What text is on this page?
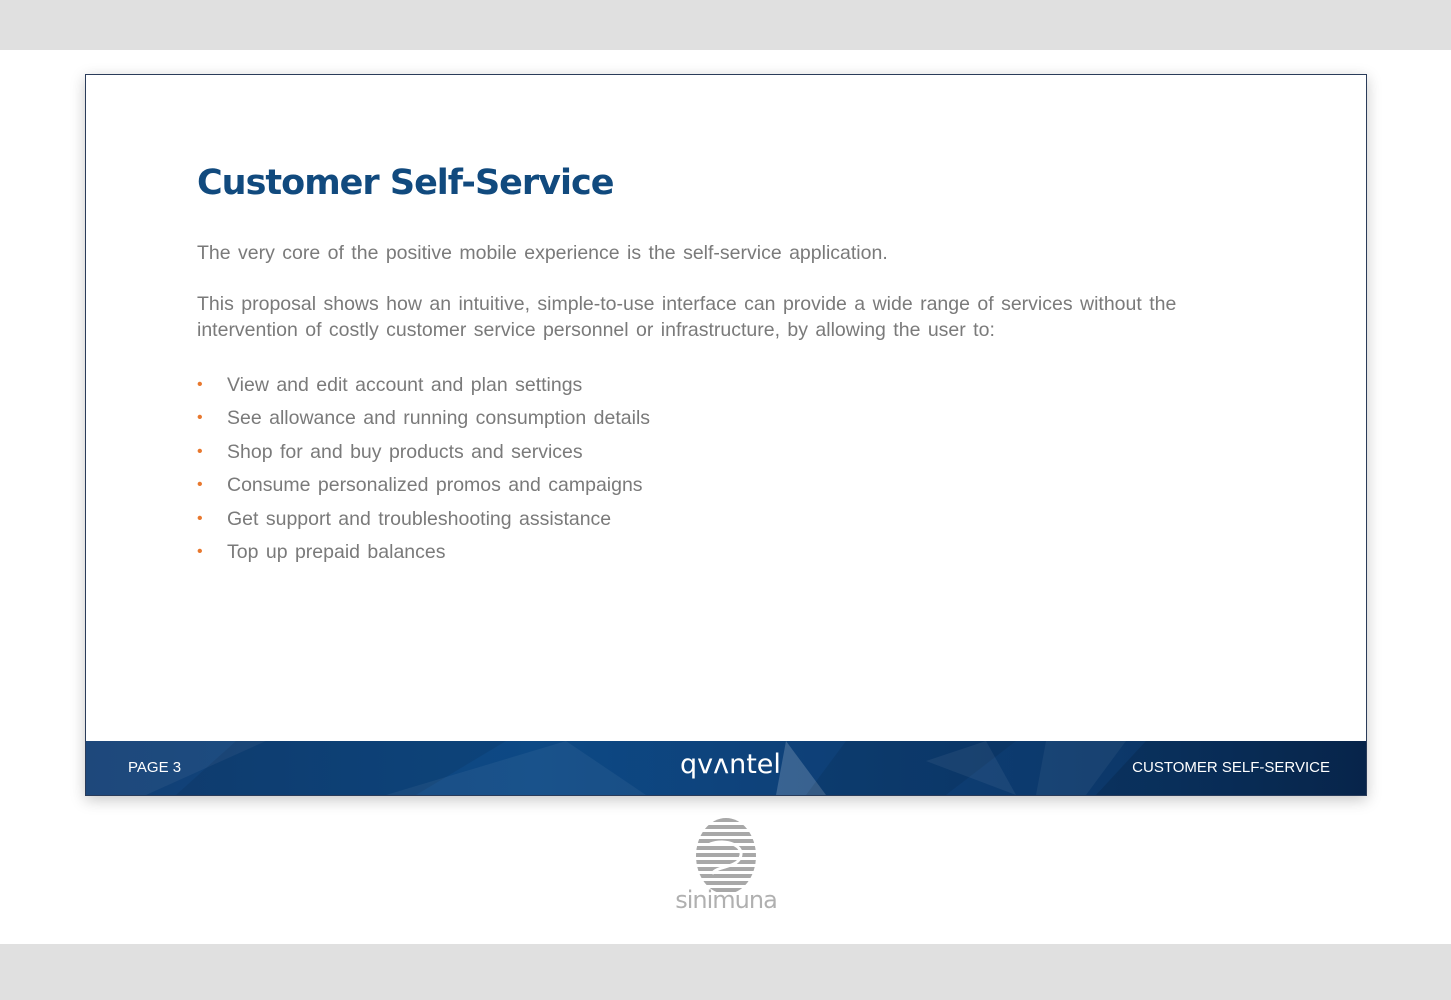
Customer Self-Service

The very core of the positive mobile experience is the self-service application.

This proposal shows how an intuitive, simple-to-use interface can provide a wide range of services without the intervention of costly customer service personnel or infrastructure, by allowing the user to:

• View and edit account and plan settings
• See allowance and running consumption details
• Shop for and buy products and services
• Consume personalized promos and campaigns
• Get support and troubleshooting assistance
• Top up prepaid balances
PAGE 3	qvʌntel	CUSTOMER SELF-SERVICE
sinimuna
